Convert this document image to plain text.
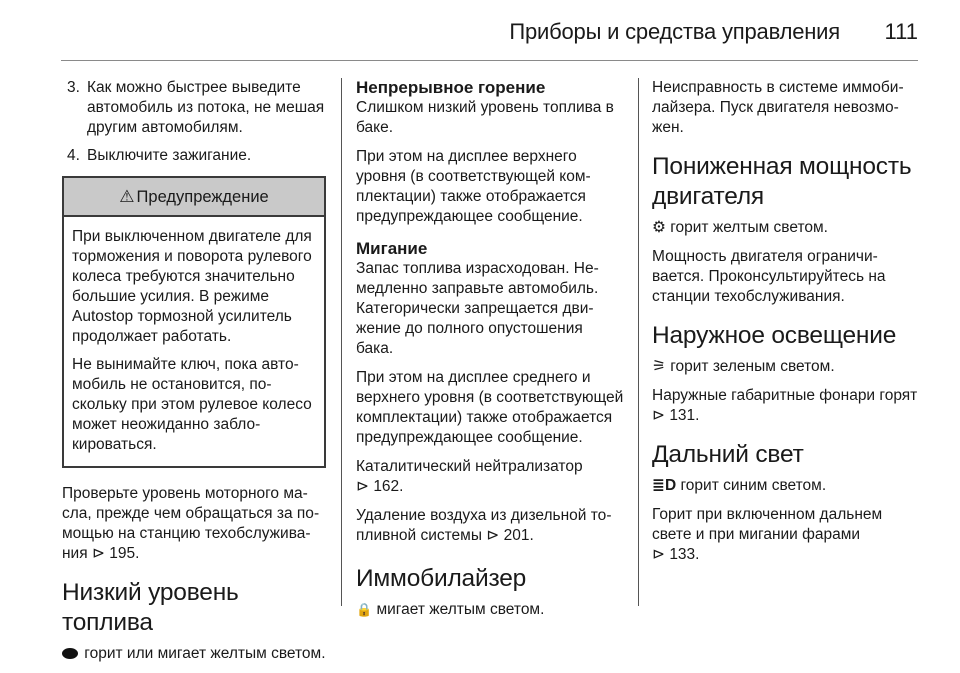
Приборы и средства управления	111
3. Как можно быстрее выведите автомобиль из потока, не мешая другим автомобилям.
4. Выключите зажигание.
⚠ Предупреждение

При выключенном двигателе для торможения и поворота рулевого колеса требуются значительно большие усилия. В режиме Autostop тормозной усилитель продолжает работать.

Не вынимайте ключ, пока автомобиль не остановится, поскольку при этом рулевое колесо может неожиданно заблокироваться.

Проверьте уровень моторного масла, прежде чем обращаться за помощью на станцию техобслуживания ⊳ 195.

Низкий уровень топлива

горит или мигает желтым светом.

Непрерывное горение

Слишком низкий уровень топлива в баке.

При этом на дисплее верхнего уровня (в соответствующей комплектации) также отображается предупреждающее сообщение.

Мигание

Запас топлива израсходован. Немедленно заправьте автомобиль. Категорически запрещается движение до полного опустошения бака.

При этом на дисплее среднего и верхнего уровня (в соответствующей комплектации) также отображается предупреждающее сообщение.

Каталитический нейтрализатор
⊳ 162.

Удаление воздуха из дизельной топливной системы ⊳ 201.

Иммобилайзер

🔒 мигает желтым светом.

Неисправность в системе иммобилайзера. Пуск двигателя невозможен.

Пониженная мощность двигателя

⚙ горит желтым светом.

Мощность двигателя ограничивается. Проконсультируйтесь на станции техобслуживания.

Наружное освещение

⚞ горит зеленым светом.

Наружные габаритные фонари горят ⊳ 131.

Дальний свет

≣D горит синим светом.

Горит при включенном дальнем свете и при мигании фарами
⊳ 133.
